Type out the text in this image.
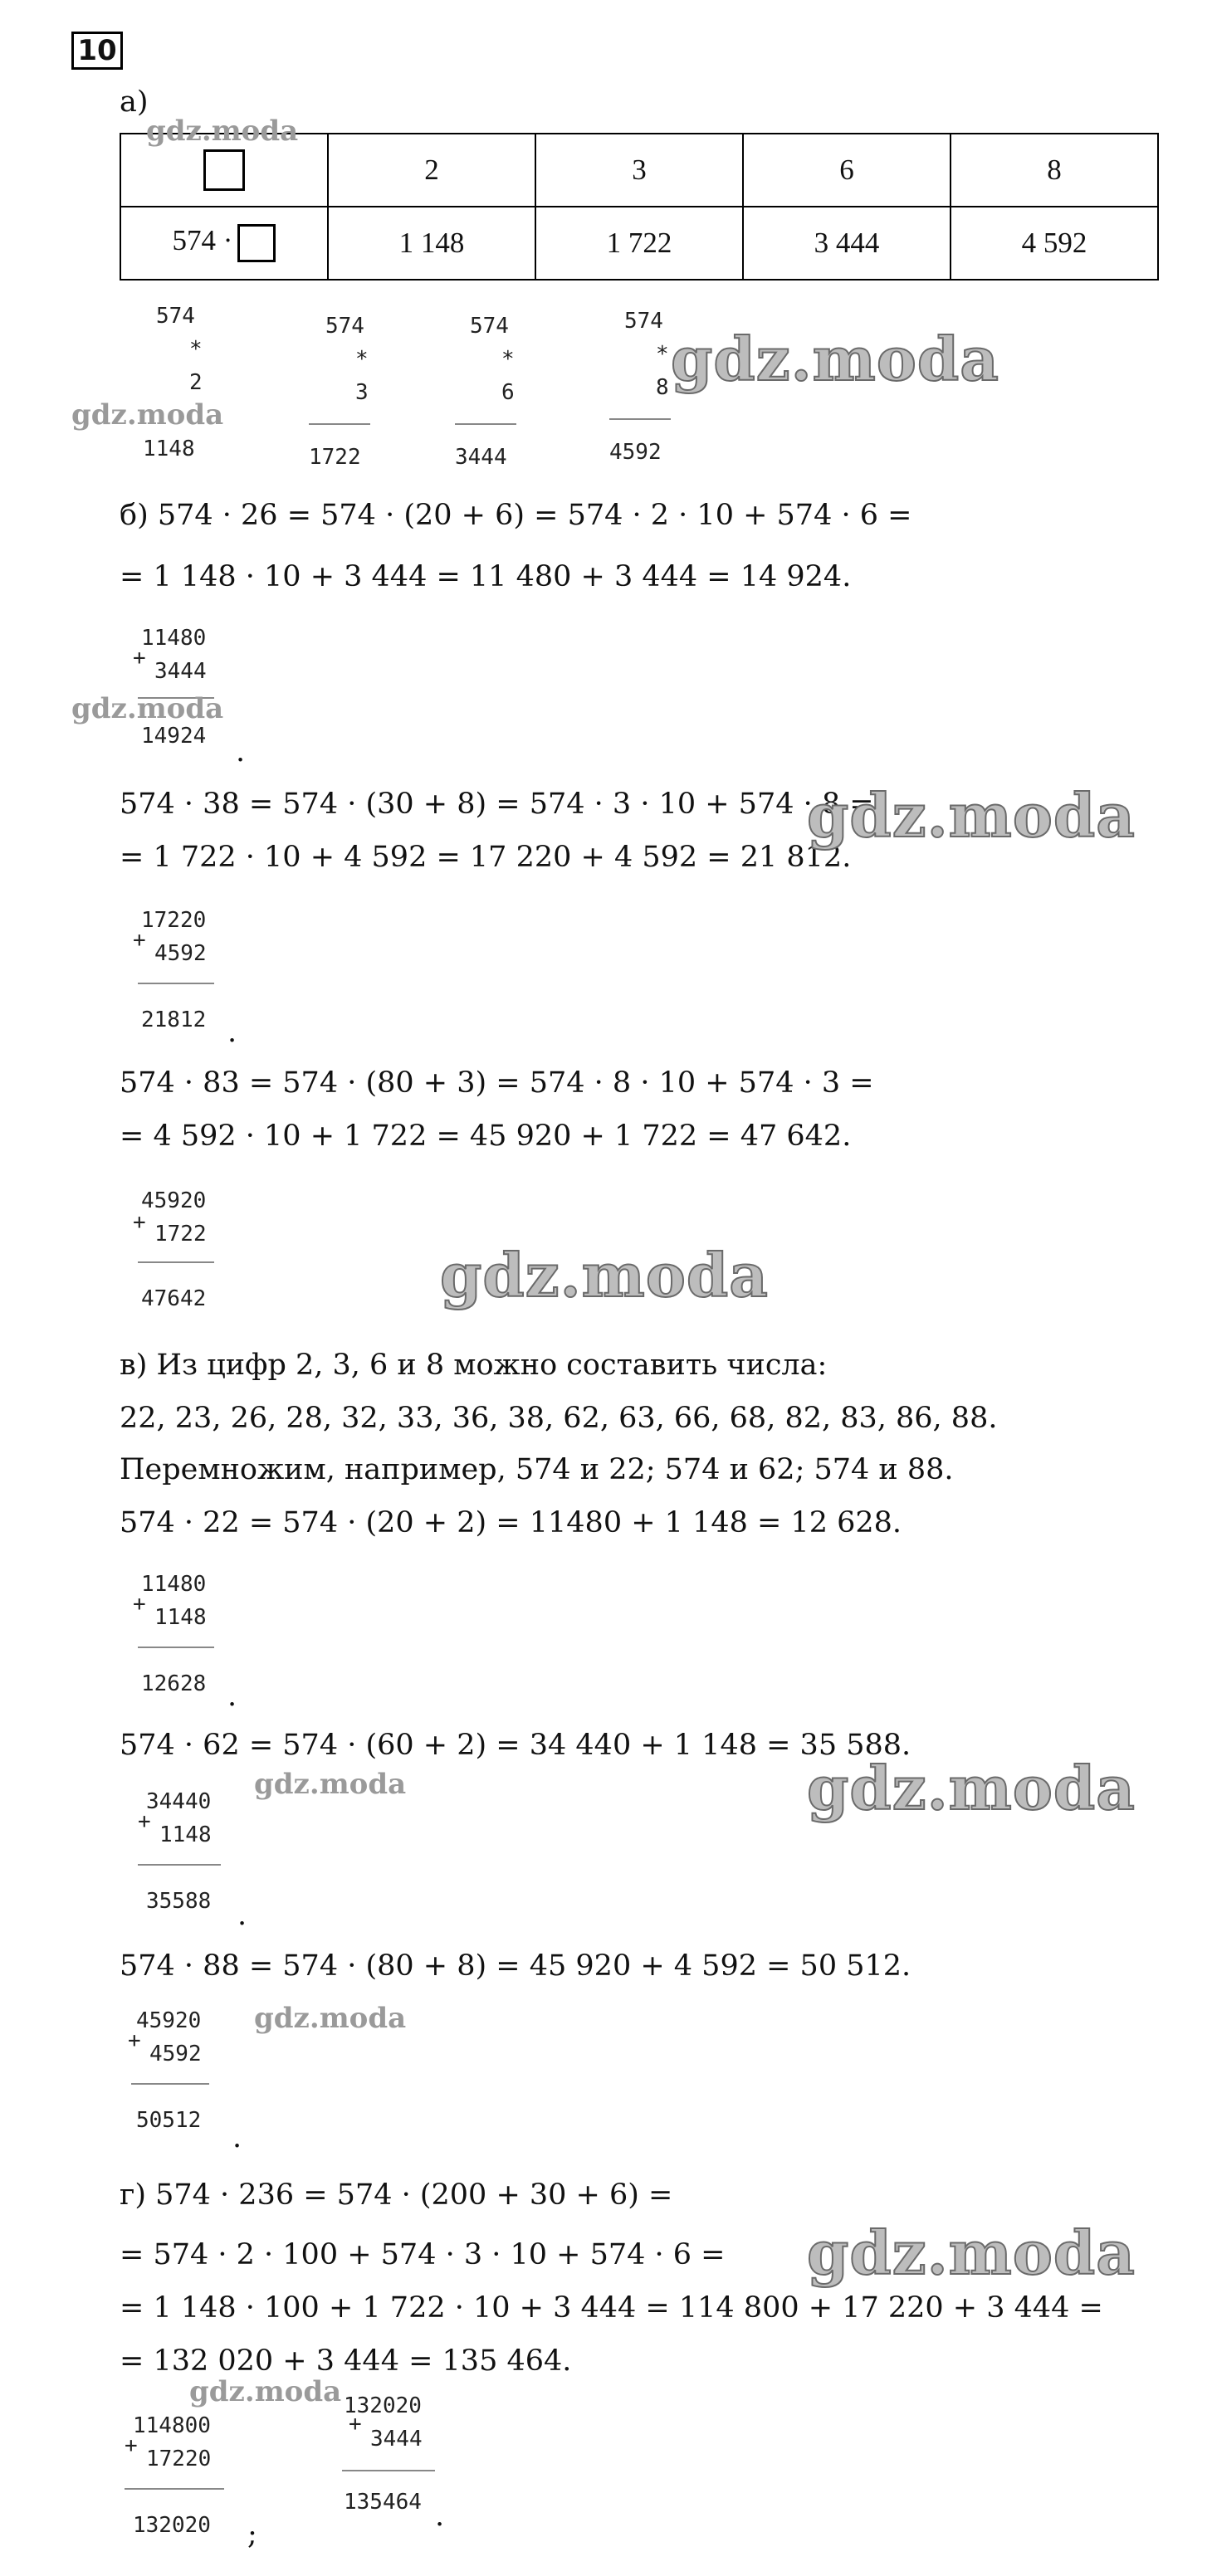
10
а)
	2	3	6	8
574 ·	1 148	1 722	3 444	4 592
574
*
2
1148
574
*
3
1722
574
*
6
3444
574
*
8
4592
б) 574 · 26 = 574 · (20 + 6) = 574 · 2 · 10 + 574 · 6 =
= 1 148 · 10 + 3 444 = 11 480 + 3 444 = 14 924.
11480
+
3444
14924 .
574 · 38 = 574 · (30 + 8) = 574 · 3 · 10 + 574 · 8 =
= 1 722 · 10 + 4 592 = 17 220 + 4 592 = 21 812.
17220
+
4592
21812 .
574 · 83 = 574 · (80 + 3) = 574 · 8 · 10 + 574 · 3 =
= 4 592 · 10 + 1 722 = 45 920 + 1 722 = 47 642.
45920
+ 1722
47642
в) Из цифр 2, 3, 6 и 8 можно составить числа:
22, 23, 26, 28, 32, 33, 36, 38, 62, 63, 66, 68, 82, 83, 86, 88.
Перемножим, например, 574 и 22; 574 и 62; 574 и 88.
574 · 22 = 574 · (20 + 2) = 11480 + 1 148 = 12 628.
11480
+
1148
12628 .
574 · 62 = 574 · (60 + 2) = 34 440 + 1 148 = 35 588.
34440
+
1148
35588 .
574 · 88 = 574 · (80 + 8) = 45 920 + 4 592 = 50 512.
45920
+
4592
50512
.
г) 574 · 236 = 574 · (200 + 30 + 6) =
= 574 · 2 · 100 + 574 · 3 · 10 + 574 · 6 =
= 1 148 · 100 + 1 722 · 10 + 3 444 = 114 800 + 17 220 + 3 444 =
= 132 020 + 3 444 = 135 464.
114800
+
17220
132020 ;
132020
+
3444
135464 .
gdz.moda
gdz.moda
gdz.moda
gdz.moda
gdz.moda
gdz.moda
gdz.moda	gdz.moda
gdz.moda
gdz.moda
gdz.moda
